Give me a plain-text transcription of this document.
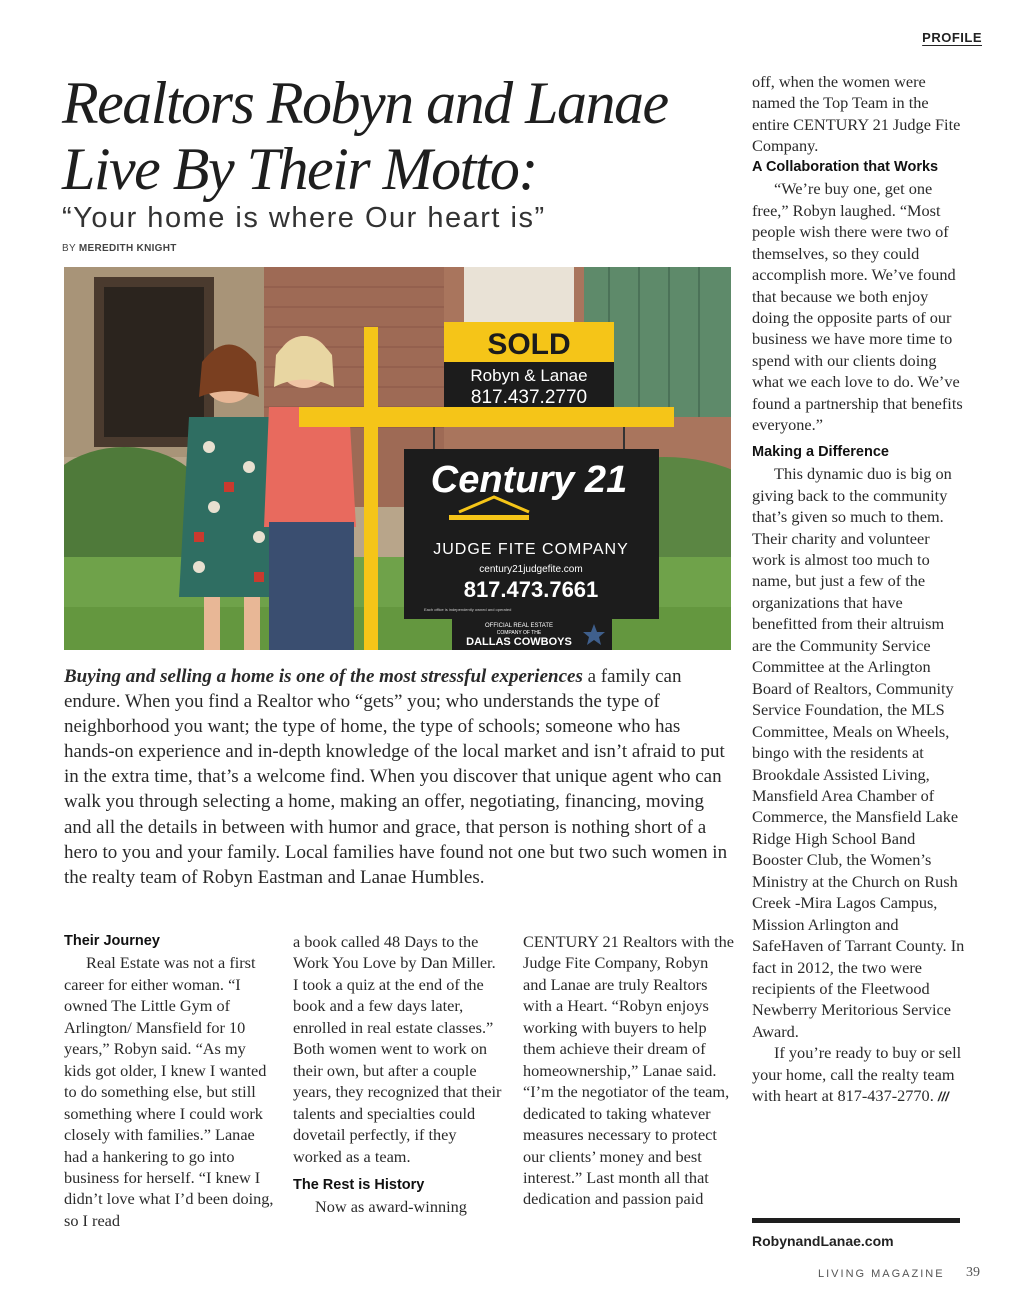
PROFILE
Realtors Robyn and Lanae
Live By Their Motto:
“Your home is where Our heart is”
BY MEREDITH KNIGHT
SOLD
Robyn & Lanae
817.437.2770
Century 21
JUDGE FITE COMPANY
century21judgefite.com
817.473.7661
Each office is independently owned and operated
OFFICIAL REAL ESTATE
COMPANY OF THE
DALLAS COWBOYS
Buying and selling a home is one of the most stressful experiences a family can endure. When you find a Realtor who “gets” you; who understands the type of neighborhood you want; the type of home, the type of schools; someone who has hands-on experience and in-depth knowledge of the local market and isn’t afraid to put in the extra time, that’s a welcome find. When you discover that unique agent who can walk you through selecting a home, making an offer, negotiating, financing, moving and all the details in between with humor and grace, that person is nothing short of a hero to you and your family. Local families have found not one but two such women in the realty team of Robyn Eastman and Lanae Humbles.
Their Journey

Real Estate was not a first career for either woman. “I owned The Little Gym of Arlington/ Mansfield for 10 years,” Robyn said. “As my kids got older, I knew I wanted to do something else, but still something where I could work closely with families.” Lanae had a hankering to go into business for herself. “I knew I didn’t love what I’d been doing, so I read

a book called 48 Days to the Work You Love by Dan Miller. I took a quiz at the end of the book and a few days later, enrolled in real estate classes.” Both women went to work on their own, but after a couple years, they recognized that their talents and specialties could dovetail perfectly, if they worked as a team.

The Rest is History

Now as award-winning

CENTURY 21 Realtors with the Judge Fite Company, Robyn and Lanae are truly Realtors with a Heart. “Robyn enjoys working with buyers to help them achieve their dream of homeownership,” Lanae said. “I’m the negotiator of the team, dedicated to taking whatever measures necessary to protect our clients’ money and best interest.” Last month all that dedication and passion paid

off, when the women were named the Top Team in the entire CENTURY 21 Judge Fite Company.

A Collaboration that Works

“We’re buy one, get one free,” Robyn laughed. “Most people wish there were two of themselves, so they could accomplish more. We’ve found that because we both enjoy doing the opposite parts of our business we have more time to spend with our clients doing what we each love to do. We’ve found a partnership that benefits everyone.”

Making a Difference

This dynamic duo is big on giving back to the community that’s given so much to them. Their charity and volunteer work is almost too much to name, but just a few of the organizations that have benefitted from their altruism are the Community Service Committee at the Arlington Board of Realtors, Community Service Foundation, the MLS Committee, Meals on Wheels, bingo with the residents at Brookdale Assisted Living, Mansfield Area Chamber of Commerce, the Mansfield Lake Ridge High School Band Booster Club, the Women’s Ministry at the Church on Rush Creek -Mira Lagos Campus, Mission Arlington and SafeHaven of Tarrant County. In fact in 2012, the two were recipients of the Fleetwood Newberry Meritorious Service Award.

If you’re ready to buy or sell your home, call the realty team with heart at 817-437-2770. ///

RobynandLanae.com
LIVING MAGAZINE 39
